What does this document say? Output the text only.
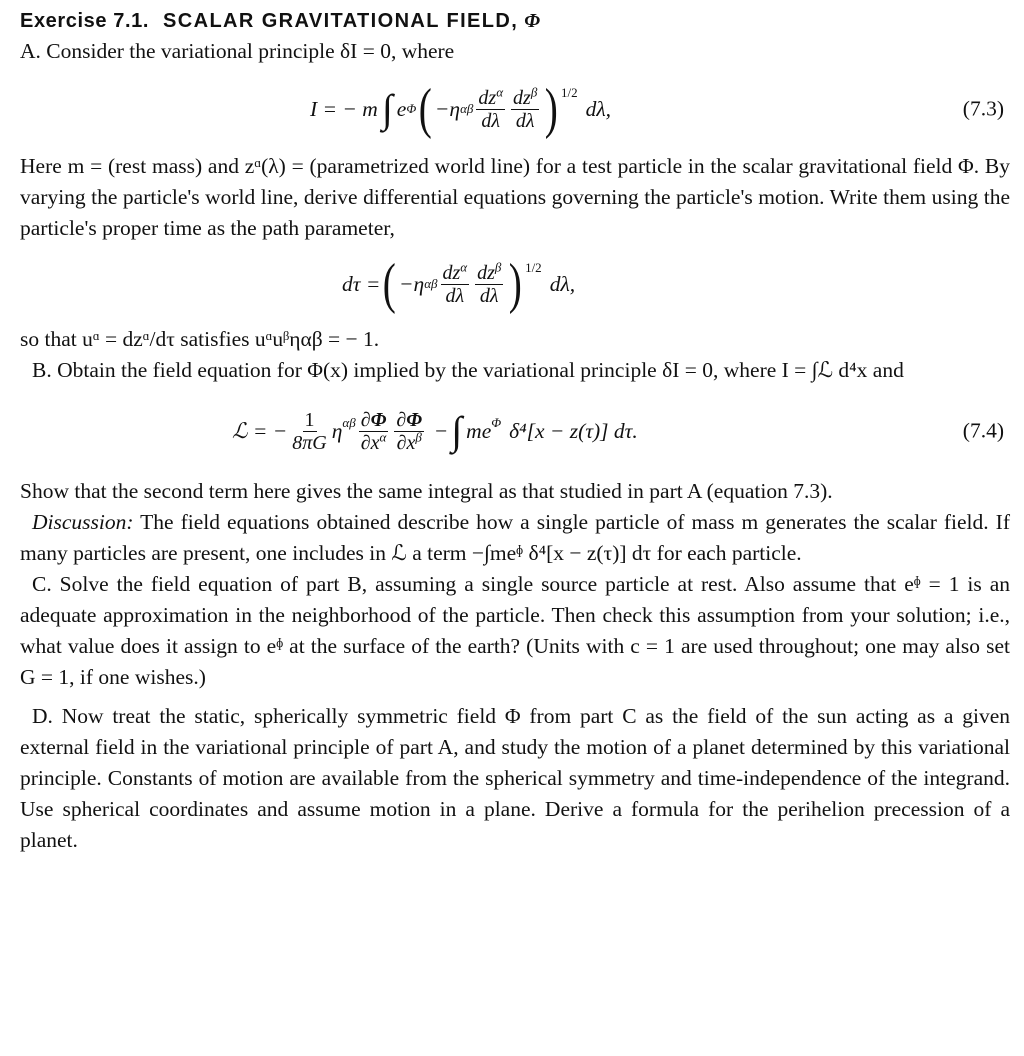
Exercise 7.1. SCALAR GRAVITATIONAL FIELD, Φ

A. Consider the variational principle δI = 0, where

I = − m ∫ e Φ ( −η αβ $\frac{dz^\alpha}{d\lambda} \frac{dz^\beta}{d\lambda} )^{1/2}$
dλ,	(7.3)

Here m = (rest mass) and zᵅ(λ) = (parametrized world line) for a test particle in the scalar gravitational field Φ. By varying the particle's world line, derive differential equations governing the particle's motion. Write them using the particle's proper time as the path parameter,

dτ = ( −η αβ $\frac{dz^\alpha}{d\lambda} \frac{dz^\beta}{d\lambda} )^{1/2}$
dλ,

so that uᵅ = dzᵅ/dτ satisfies uᵅuᵝηαβ = − 1.

B. Obtain the field equation for Φ(x) implied by the variational principle δI = 0, where I = ∫ℒ d⁴x and

ℒ = − $\frac{1}{8\pi G} \eta^{\alpha\beta} \frac{\partial\Phi}{\partial x^\alpha} \frac{\partial\Phi}{\partial x^\beta}$ − ∫ $me^\Phi$ δ⁴[x − z(τ)] dτ.	(7.4)

Show that the second term here gives the same integral as that studied in part A (equation 7.3).

Discussion: The field equations obtained describe how a single particle of mass m generates the scalar field. If many particles are present, one includes in ℒ a term −∫meᶲ δ⁴[x − z(τ)] dτ for each particle.

C. Solve the field equation of part B, assuming a single source particle at rest. Also assume that eᶲ = 1 is an adequate approximation in the neighborhood of the particle. Then check this assumption from your solution; i.e., what value does it assign to eᶲ at the surface of the earth? (Units with c = 1 are used throughout; one may also set G = 1, if one wishes.)

D. Now treat the static, spherically symmetric field Φ from part C as the field of the sun acting as a given external field in the variational principle of part A, and study the motion of a planet determined by this variational principle. Constants of motion are available from the spherical symmetry and time-independence of the integrand. Use spherical coordinates and assume motion in a plane. Derive a formula for the perihelion precession of a planet.
